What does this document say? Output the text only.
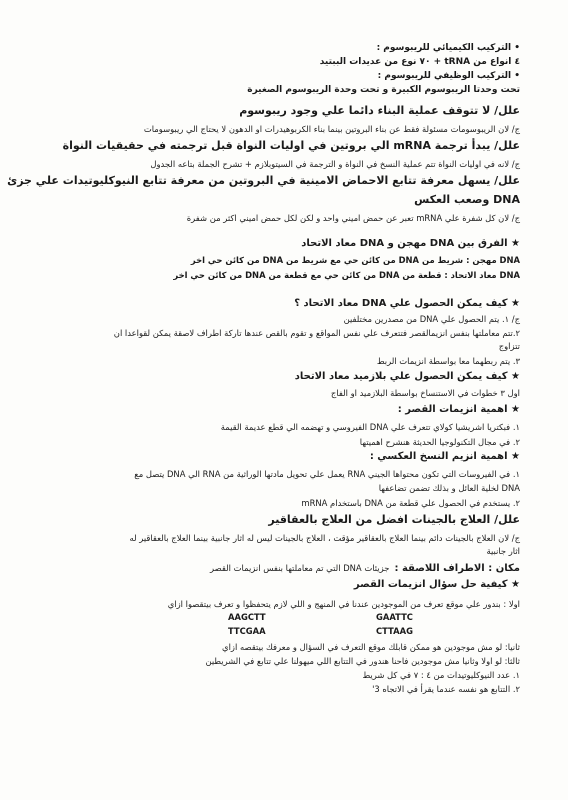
• التركيب الكيميائي للريبوسوم :
٤ انواع من tRNA + ٧٠ نوع من عديدات الببتيد
• التركيب الوظيفي للريبوسوم :
تحت وحدتا الريبوسوم الكبيرة و تحت وحدة الريبوسوم الصغيرة
علل/ لا تتوقف عملية البناء دائما علي وجود ريبوسوم
ج/ لان الريبوسومات مسئولة فقط عن بناء البروتين بينما بناء الكربوهيدرات او الدهون لا يحتاج الي ريبوسومات
علل/ يبدأ ترجمة mRNA الي بروتين في اوليات النواة قبل ترجمته في حقيقيات النواة
ج/ لانه في اوليات النواة تتم عملية النسخ في النواة و الترجمة في السيتوبلازم + تشرح الجملة بتاعه الجدول
علل/ يسهل معرفة تتابع الاحماض الامينية في البروتين من معرفة تتابع النيوكليوتيدات علي جزئ
DNA وصعب العكس
ج/ لان كل شفرة علي mRNA تعبر عن حمض اميني واحد و لكن لكل حمض اميني اكثر من شفرة
★ الفرق بين DNA مهجن و DNA معاد الاتحاد
DNA مهجن : شريط من DNA من كائن حي مع شريط من DNA من كائن حي اخر
DNA معاد الاتحاد : قطعة من DNA من كائن حي مع قطعة من DNA من كائن حي اخر
★ كيف يمكن الحصول علي DNA معاد الاتحاد ؟
ج/ ١. يتم الحصول علي DNA من مصدرين مختلفين
٢.تتم معاملتها بنفس انزيمالقصر فتتعرف علي نفس المواقع و تقوم بالقص عندها تاركة اطراف لاصقة يمكن لقواعدا ان
تتزاوج
٣. يتم ربطهما معا بواسطة انزيمات الربط
★ كيف يمكن الحصول علي بلازميد معاد الاتحاد
اول ٣ خطوات في الاستنساخ بواسطة البلازميد او الفاج
★ اهمية انزيمات القصر :
١. فبكتريا اشريشيا كولاي تتعرف علي DNA الفيروسي و تهضمه الي قطع عديمة القيمة
٢. في مجال التكنولوجيا الحديثة هنشرح اهميتها
★ اهمية انزيم النسخ العكسي :
١. في الفيروسات التي تكون محتواها الجيني RNA يعمل علي تحويل مادتها الوراثية من RNA الي DNA يتصل مع
DNA لخلية العائل و بذلك تضمن تضاعفها
٢. يستخدم في الحصول علي قطعة من DNA باستخدام mRNA
علل/ العلاج بالجينات افضل من العلاج بالعقاقير
ج/ لان العلاج بالجينات دائم بينما العلاج بالعقاقير مؤقت ، العلاج بالجينات ليس له اثار جانبية بينما العلاج بالعقاقير له
اثار جانبية
مكان : الاطراف اللاصقة : جزيئات DNA التي تم معاملتها بنفس انزيمات القصر
★ كيفية حل سؤال انزيمات القصر
اولا : بندور علي موقع تعرف من الموجودين عندنا في المنهج و اللي لازم يتحفظوا و تعرف بيتقصوا ازاي
GAATTC
AAGCTT
CTTAAG
TTCGAA
ثانيا: لو مش موجودين هو ممكن قابلك موقع التعرف في السؤال و معرفك بيتقصه ازاي
ثالثا: لو اولا وثانيا مش موجودين فاحنا هندور في التتابع اللي ميهولنا علي تتابع في الشريطين
١. عدد النيوكليوتيدات من ٤ : ٧ في كل شريط
٢. التتابع هو نفسه عندما يقرأ في الاتجاه 3'
